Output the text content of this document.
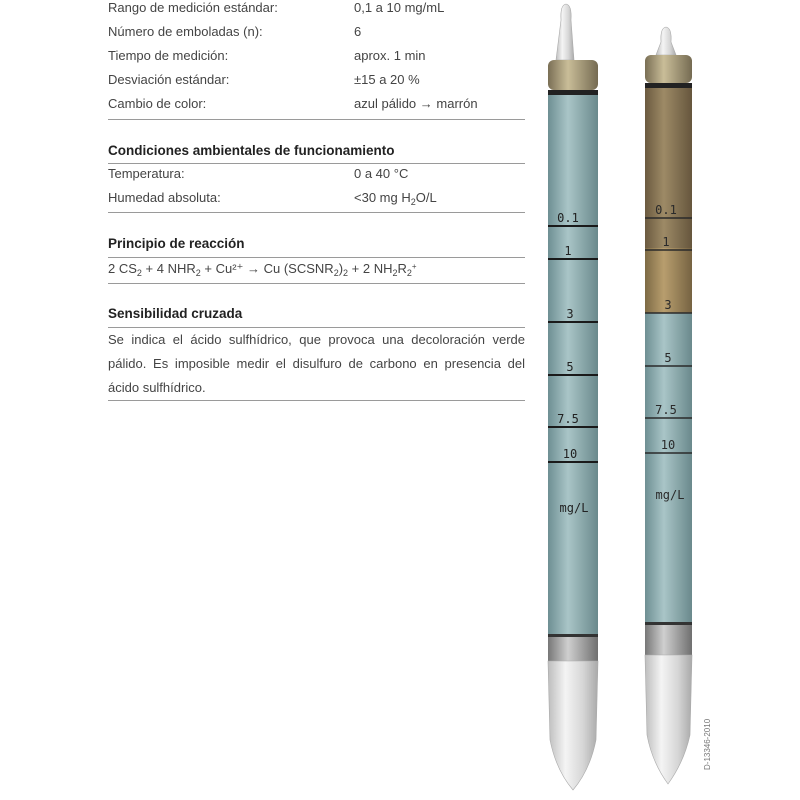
Rango de medición estándar:	0,1 a 10 mg/mL
Número de emboladas (n):	6
Tiempo de medición:	aprox. 1 min
Desviación estándar:	±15 a 20 %
Cambio de color:	azul pálido → marrón
Condiciones ambientales de funcionamiento
Temperatura:	0 a 40 °C
Humedad absoluta:	<30 mg $H_2O/L$
Principio de reacción
2 $CS_2 + 4$ $NHR_2 + Cu^{2+} \to Cu$ $(SCSNR_2)_2 + 2$ $NH_2R_2^+$
Sensibilidad cruzada
Se indica el ácido sulfhídrico, que provoca una decoloración verde pálido. Es imposible medir el disulfuro de carbono en presencia del ácido sulfhídrico.
0.1
1
3
5
7.5
10
mg/L
0.1
1
3
5
7.5
10
mg/L
D-13346-2010
